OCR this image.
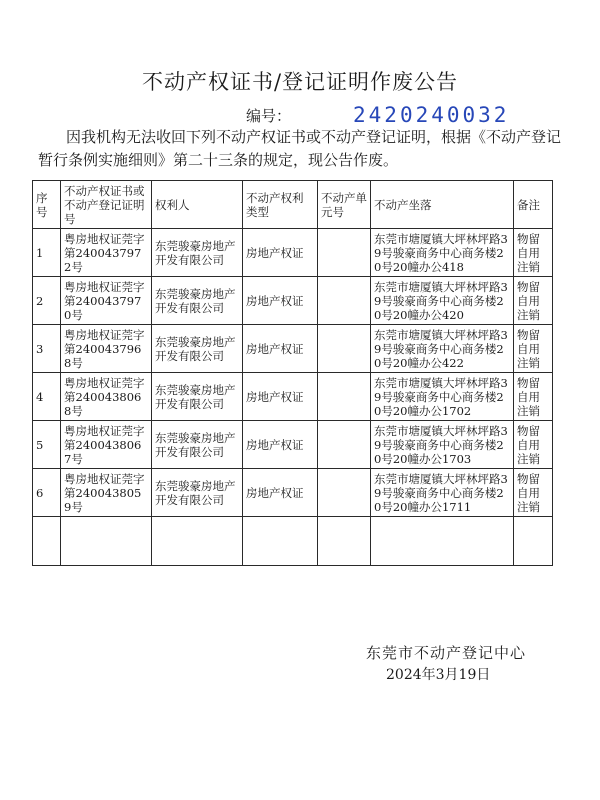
不动产权证书/登记证明作废公告
编号：	2420240032
因我机构无法收回下列不动产权证书或不动产登记证明，根据《不动产登记暂行条例实施细则》第二十三条的规定，现公告作废。
序号	不动产权证书或不动产登记证明号	权利人	不动产权利类型	不动产单元号	不动产坐落	备注
1	粤房地权证莞字第2400437972号	东莞骏豪房地产开发有限公司	房地产权证		东莞市塘厦镇大坪林坪路39号骏豪商务中心商务楼20号20幢办公418	物留自用注销
2	粤房地权证莞字第2400437970号	东莞骏豪房地产开发有限公司	房地产权证		东莞市塘厦镇大坪林坪路39号骏豪商务中心商务楼20号20幢办公420	物留自用注销
3	粤房地权证莞字第2400437968号	东莞骏豪房地产开发有限公司	房地产权证		东莞市塘厦镇大坪林坪路39号骏豪商务中心商务楼20号20幢办公422	物留自用注销
4	粤房地权证莞字第2400438068号	东莞骏豪房地产开发有限公司	房地产权证		东莞市塘厦镇大坪林坪路39号骏豪商务中心商务楼20号20幢办公1702	物留自用注销
5	粤房地权证莞字第2400438067号	东莞骏豪房地产开发有限公司	房地产权证		东莞市塘厦镇大坪林坪路39号骏豪商务中心商务楼20号20幢办公1703	物留自用注销
6	粤房地权证莞字第2400438059号	东莞骏豪房地产开发有限公司	房地产权证		东莞市塘厦镇大坪林坪路39号骏豪商务中心商务楼20号20幢办公1711	物留自用注销

东莞市不动产登记中心
2024年3月19日
